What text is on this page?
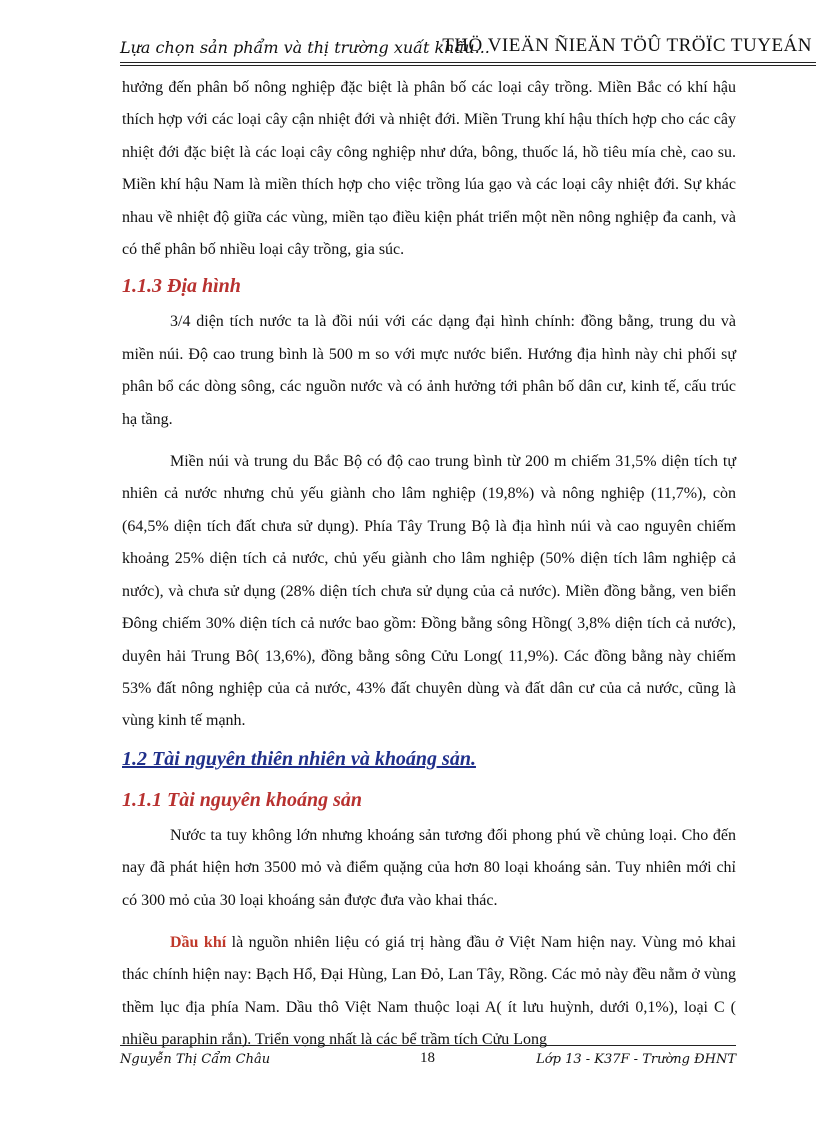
Lựa chọn sản phẩm và thị trường xuất khẩu...
THÖ VIEÄN ÑIEÄN TÖÛ TRÖÏC TUYEÁN

hưởng đến phân bố nông nghiệp đặc biệt là phân bố các loại cây trồng. Miền Bắc có khí hậu thích hợp với các loại cây cận nhiệt đới và nhiệt đới. Miền Trung khí hậu thích hợp cho các cây nhiệt đới đặc biệt là các loại cây công nghiệp như dứa, bông, thuốc lá, hồ tiêu mía chè, cao su. Miền khí hậu Nam là miền thích hợp cho việc trồng lúa gạo và các loại cây nhiệt đới. Sự khác nhau về nhiệt độ giữa các vùng, miền tạo điều kiện phát triển một nền nông nghiệp đa canh, và có thể phân bố nhiều loại cây trồng, gia súc.

1.1.3 Địa hình

3/4 diện tích nước ta là đồi núi với các dạng đại hình chính: đồng bằng, trung du và miền núi. Độ cao trung bình là 500 m so với mực nước biển. Hướng địa hình này chi phối sự phân bổ các dòng sông, các nguồn nước và có ảnh hưởng tới phân bố dân cư, kinh tế, cấu trúc hạ tầng.

Miền núi và trung du Bắc Bộ có độ cao trung bình từ 200 m chiếm 31,5% diện tích tự nhiên cả nước nhưng chủ yếu giành cho lâm nghiệp (19,8%) và nông nghiệp (11,7%), còn (64,5% diện tích đất chưa sử dụng). Phía Tây Trung Bộ là địa hình núi và cao nguyên chiếm khoảng 25% diện tích cả nước, chủ yếu giành cho lâm nghiệp (50% diện tích lâm nghiệp cả nước), và chưa sử dụng (28% diện tích chưa sử dụng của cả nước). Miền đồng bằng, ven biển Đông chiếm 30% diện tích cả nước bao gồm: Đồng bằng sông Hồng( 3,8% diện tích cả nước), duyên hải Trung Bô( 13,6%), đồng bằng sông Cửu Long( 11,9%). Các đồng bằng này chiếm 53% đất nông nghiệp của cả nước, 43% đất chuyên dùng và đất dân cư của cả nước, cũng là vùng kinh tế mạnh.

1.2 Tài nguyên thiên nhiên và khoáng sản.
1.1.1 Tài nguyên khoáng sản

Nước ta tuy không lớn nhưng khoáng sản tương đối phong phú về chủng loại. Cho đến nay đã phát hiện hơn 3500 mỏ và điểm quặng của hơn 80 loại khoáng sản. Tuy nhiên mới chỉ có 300 mỏ của 30 loại khoáng sản được đưa vào khai thác.

Dầu khí là nguồn nhiên liệu có giá trị hàng đầu ở Việt Nam hiện nay. Vùng mỏ khai thác chính hiện nay: Bạch Hổ, Đại Hùng, Lan Đỏ, Lan Tây, Rồng. Các mỏ này đều nằm ở vùng thềm lục địa phía Nam. Dầu thô Việt Nam thuộc loại A( ít lưu huỳnh, dưới 0,1%), loại C ( nhiều paraphin rắn). Triển vọng nhất là các bể trầm tích Cửu Long

Nguyễn Thị Cẩm Châu	18	Lớp 13 - K37F - Trường ĐHNT
